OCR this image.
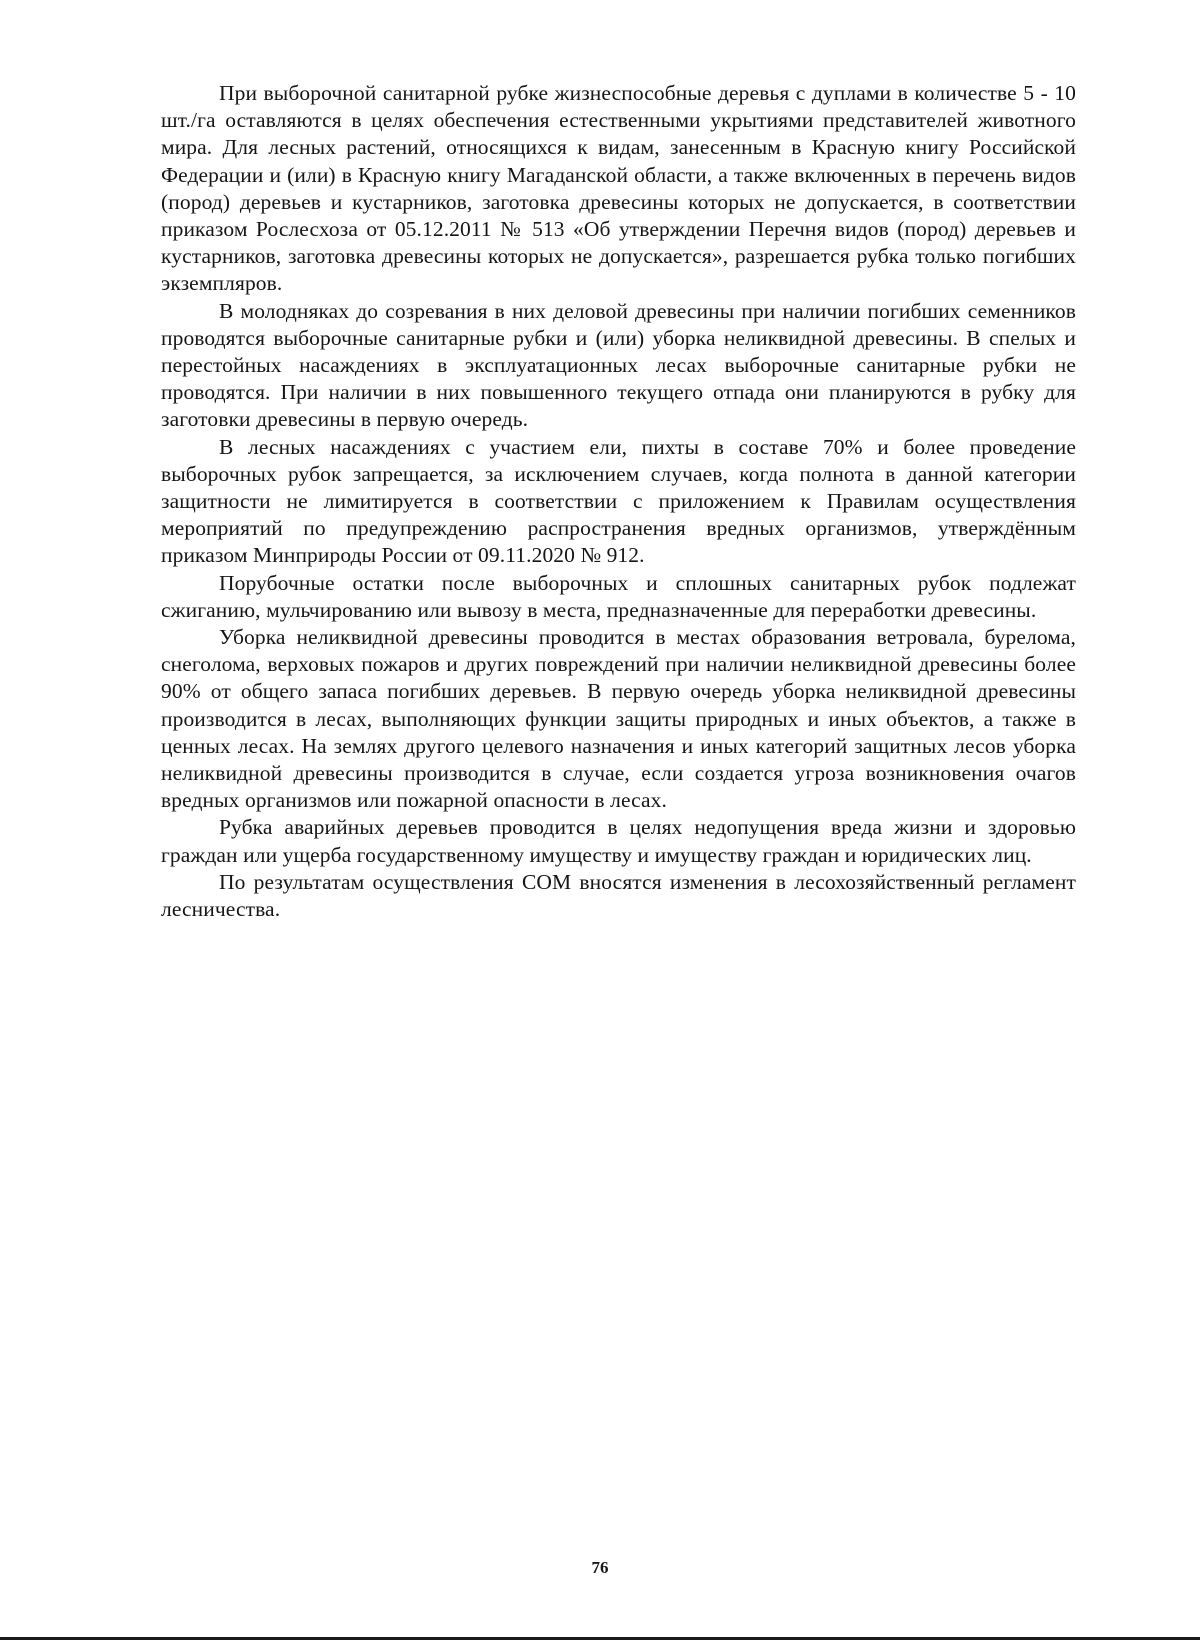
При выборочной санитарной рубке жизнеспособные деревья с дуплами в количестве 5 - 10 шт./га оставляются в целях обеспечения естественными укрытиями представителей животного мира. Для лесных растений, относящихся к видам, занесенным в Красную книгу Российской Федерации и (или) в Красную книгу Магаданской области, а также включенных в перечень видов (пород) деревьев и кустарников, заготовка древесины которых не допускается, в соответствии приказом Рослесхоза от 05.12.2011 № 513 «Об утверждении Перечня видов (пород) деревьев и кустарников, заготовка древесины которых не допускается», разрешается рубка только погибших экземпляров.

В молодняках до созревания в них деловой древесины при наличии погибших семенников проводятся выборочные санитарные рубки и (или) уборка неликвидной древесины. В спелых и перестойных насаждениях в эксплуатационных лесах выборочные санитарные рубки не проводятся. При наличии в них повышенного текущего отпада они планируются в рубку для заготовки древесины в первую очередь.

В лесных насаждениях с участием ели, пихты в составе 70% и более проведение выборочных рубок запрещается, за исключением случаев, когда полнота в данной категории защитности не лимитируется в соответствии с приложением к Правилам осуществления мероприятий по предупреждению распространения вредных организмов, утверждённым приказом Минприроды России от 09.11.2020 № 912.

Порубочные остатки после выборочных и сплошных санитарных рубок подлежат сжиганию, мульчированию или вывозу в места, предназначенные для переработки древесины.

Уборка неликвидной древесины проводится в местах образования ветровала, бурелома, снеголома, верховых пожаров и других повреждений при наличии неликвидной древесины более 90% от общего запаса погибших деревьев. В первую очередь уборка неликвидной древесины производится в лесах, выполняющих функции защиты природных и иных объектов, а также в ценных лесах. На землях другого целевого назначения и иных категорий защитных лесов уборка неликвидной древесины производится в случае, если создается угроза возникновения очагов вредных организмов или пожарной опасности в лесах.

Рубка аварийных деревьев проводится в целях недопущения вреда жизни и здоровью граждан или ущерба государственному имуществу и имуществу граждан и юридических лиц.

По результатам осуществления СОМ вносятся изменения в лесохозяйственный регламент лесничества.

76
